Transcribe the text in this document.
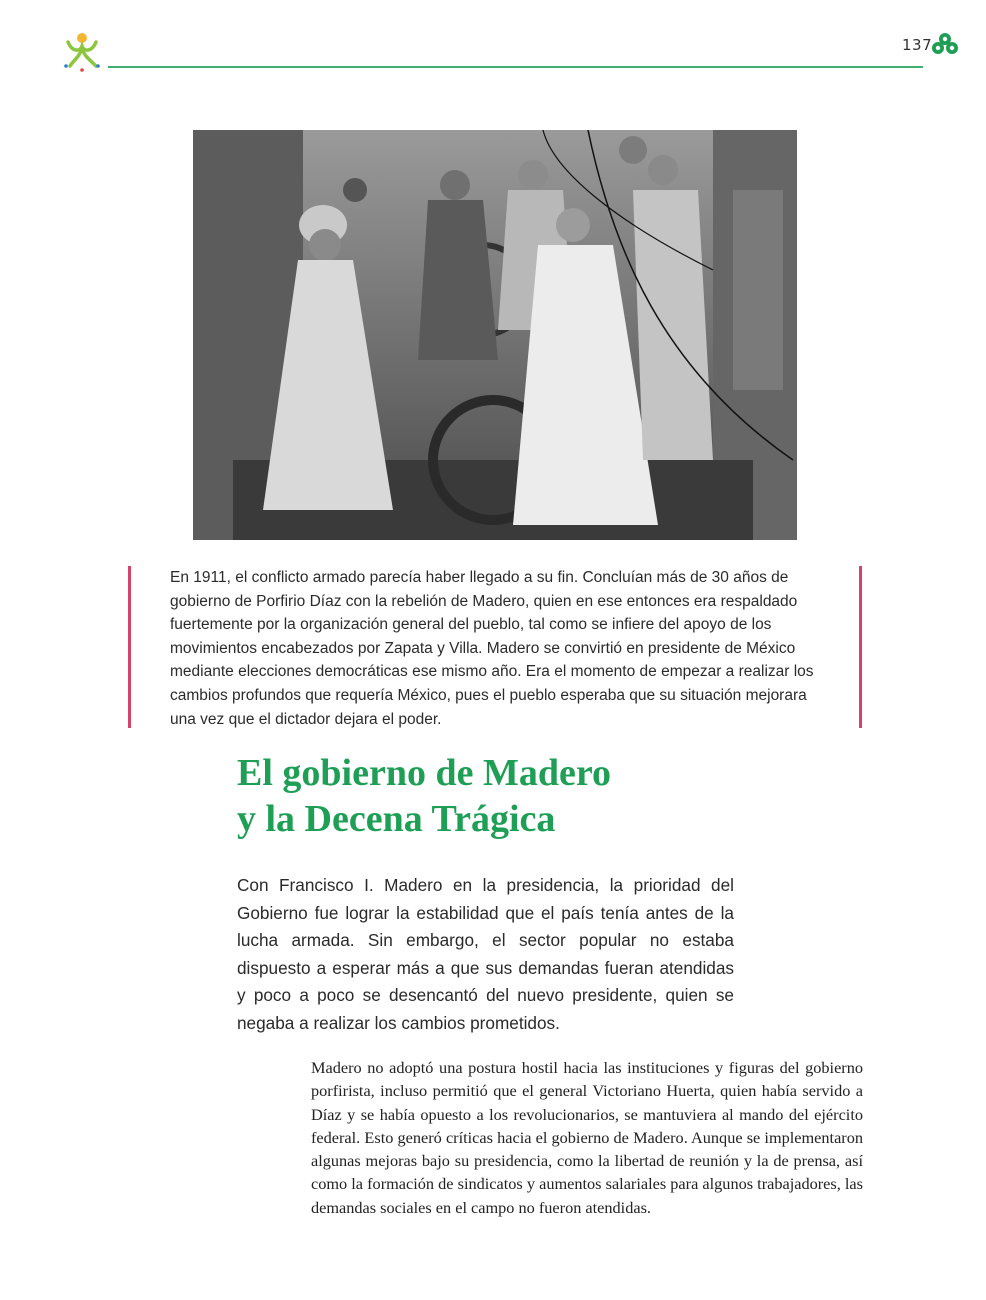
137

En 1911, el conflicto armado parecía haber llegado a su fin. Concluían más de 30 años de gobierno de Porfirio Díaz con la rebelión de Madero, quien en ese entonces era respaldado fuertemente por la organización general del pueblo, tal como se infiere del apoyo de los movimientos encabezados por Zapata y Villa. Madero se convirtió en presidente de México mediante elecciones democráticas ese mismo año. Era el momento de empezar a realizar los cambios profundos que requería México, pues el pueblo esperaba que su situación mejorara una vez que el dictador dejara el poder.

El gobierno de Madero
y la Decena Trágica

Con Francisco I. Madero en la presidencia, la prioridad del Gobierno fue lograr la estabilidad que el país tenía antes de la lucha armada. Sin embargo, el sector popular no estaba dispuesto a esperar más a que sus demandas fueran atendidas y poco a poco se desencantó del nuevo presidente, quien se negaba a realizar los cambios prometidos.

Madero no adoptó una postura hostil hacia las instituciones y figuras del gobierno porfirista, incluso permitió que el general Victoriano Huerta, quien había servido a Díaz y se había opuesto a los revolucionarios, se mantuviera al mando del ejército federal. Esto generó críticas hacia el gobierno de Madero. Aunque se implementaron algunas mejoras bajo su presidencia, como la libertad de reunión y la de prensa, así como la formación de sindicatos y aumentos salariales para algunos trabajadores, las demandas sociales en el campo no fueron atendidas.
